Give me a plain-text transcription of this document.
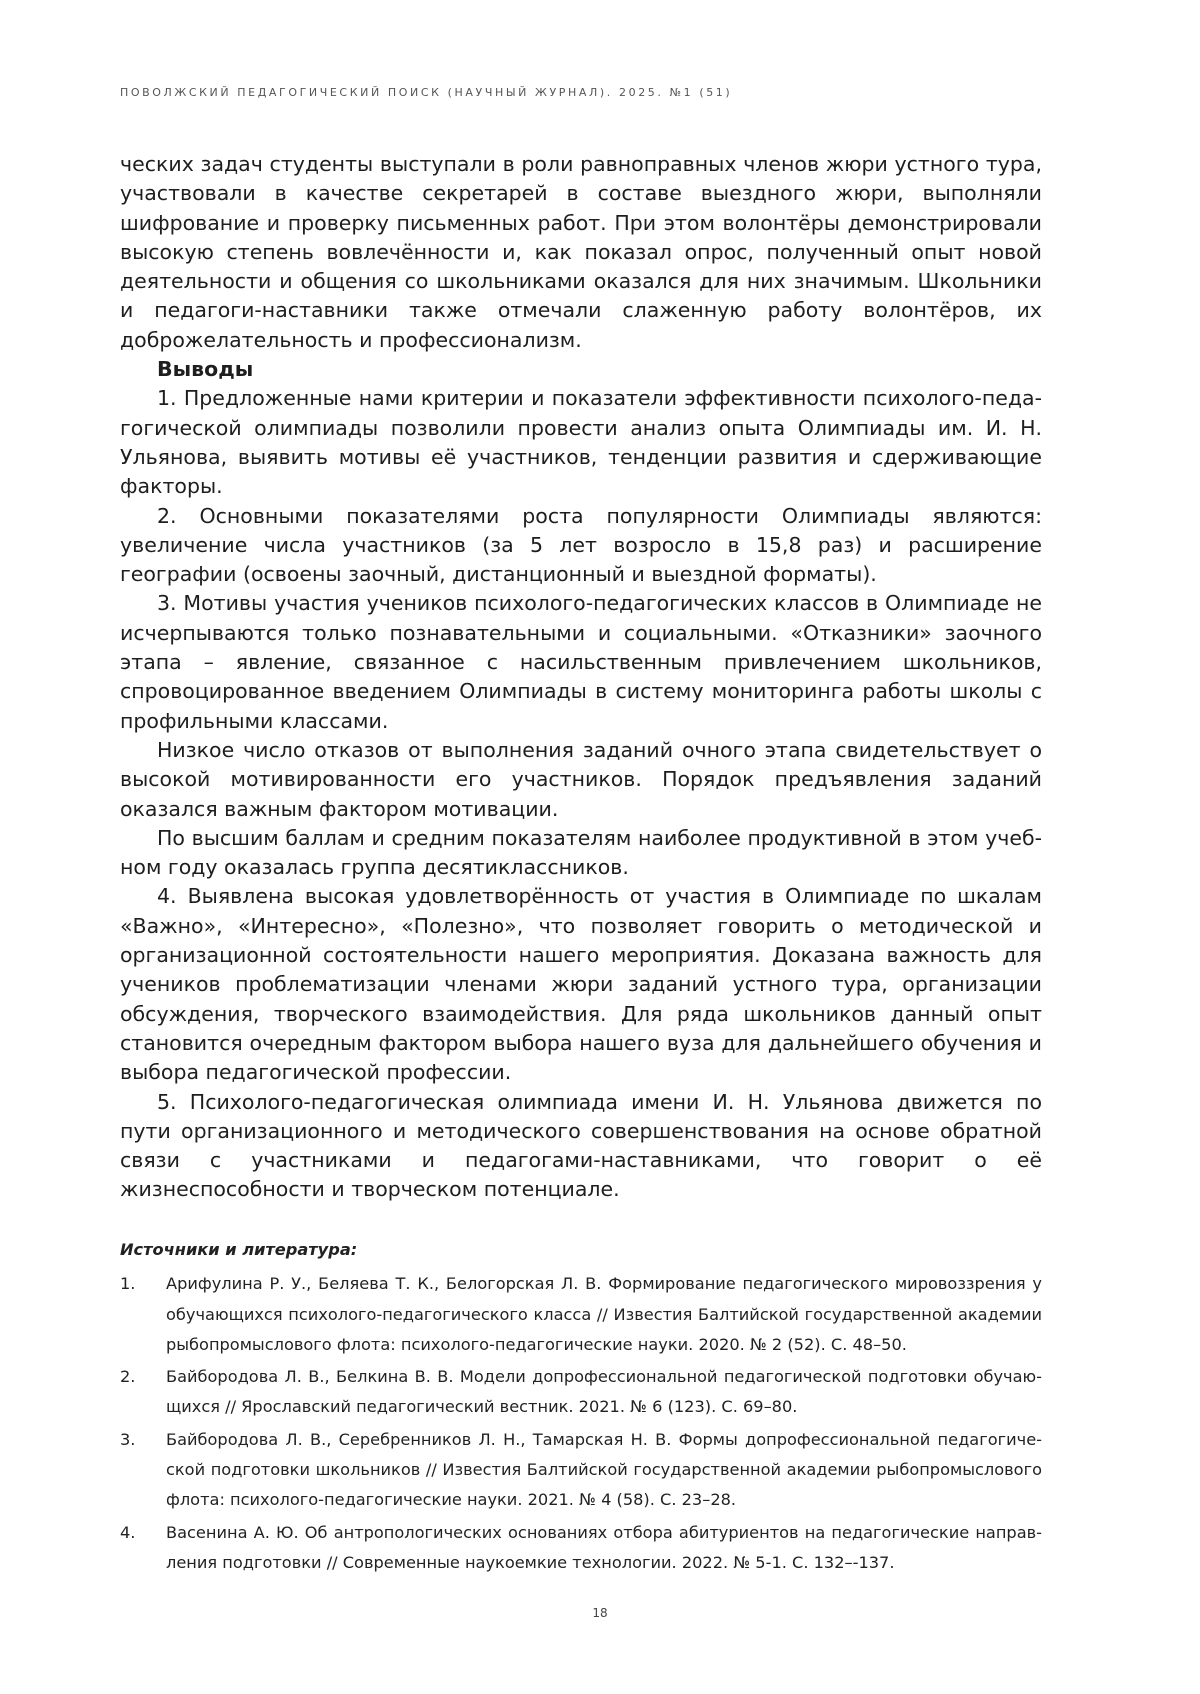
ПОВОЛЖСКИЙ ПЕДАГОГИЧЕСКИЙ ПОИСК (НАУЧНЫЙ ЖУРНАЛ). 2025. №1 (51)

ческих задач студенты выступали в роли равноправных членов жюри устного тура, участвовали в качестве секретарей в составе выездного жюри, выполняли шифрование и проверку письменных работ. При этом волонтёры демонстрировали высокую степень вовлечённости и, как показал опрос, полученный опыт новой деятельности и общения со школьниками оказался для них значимым. Школьники и педагоги-наставники также отмечали слаженную работу волонтёров, их доброжелательность и профессионализм.

Выводы

1. Предложенные нами критерии и показатели эффективности психолого-педагогической олимпиады позволили провести анализ опыта Олимпиады им. И. Н. Ульянова, выявить мотивы её участников, тенденции развития и сдерживающие факторы.

2. Основными показателями роста популярности Олимпиады являются: увеличение числа участников (за 5 лет возросло в 15,8 раз) и расширение географии (освоены заочный, дистанционный и выездной форматы).

3. Мотивы участия учеников психолого-педагогических классов в Олимпиаде не исчерпываются только познавательными и социальными. «Отказники» заочного этапа – явление, связанное с насильственным привлечением школьников, спровоцированное введением Олимпиады в систему мониторинга работы школы с профильными классами.

Низкое число отказов от выполнения заданий очного этапа свидетельствует о высокой мотивированности его участников. Порядок предъявления заданий оказался важным фактором мотивации.

По высшим баллам и средним показателям наиболее продуктивной в этом учебном году оказалась группа десятиклассников.

4. Выявлена высокая удовлетворённость от участия в Олимпиаде по шкалам «Важно», «Интересно», «Полезно», что позволяет говорить о методической и организационной состоятельности нашего мероприятия. Доказана важность для учеников проблематизации членами жюри заданий устного тура, организации обсуждения, творческого взаимодействия. Для ряда школьников данный опыт становится очередным фактором выбора нашего вуза для дальнейшего обучения и выбора педагогической профессии.

5. Психолого-педагогическая олимпиада имени И. Н. Ульянова движется по пути организационного и методического совершенствования на основе обратной связи с участниками и педагогами-наставниками, что говорит о её жизнеспособности и творческом потенциале.

Источники и литература:
1. Арифулина Р. У., Беляева Т. К., Белогорская Л. В. Формирование педагогического мировоззрения у обучающихся психолого-педагогического класса // Известия Балтийской государственной академии рыбопромыслового флота: психолого-педагогические науки. 2020. № 2 (52). С. 48–50.
2. Байбородова Л. В., Белкина В. В. Модели допрофессиональной педагогической подготовки обучающихся // Ярославский педагогический вестник. 2021. № 6 (123). С. 69–80.
3. Байбородова Л. В., Серебренников Л. Н., Тамарская Н. В. Формы допрофессиональной педагогической подготовки школьников // Известия Балтийской государственной академии рыбопромыслового флота: психолого-педагогические науки. 2021. № 4 (58). С. 23–28.
4. Васенина А. Ю. Об антропологических основаниях отбора абитуриентов на педагогические направления подготовки // Современные наукоемкие технологии. 2022. № 5-1. С. 132–-137.
18
